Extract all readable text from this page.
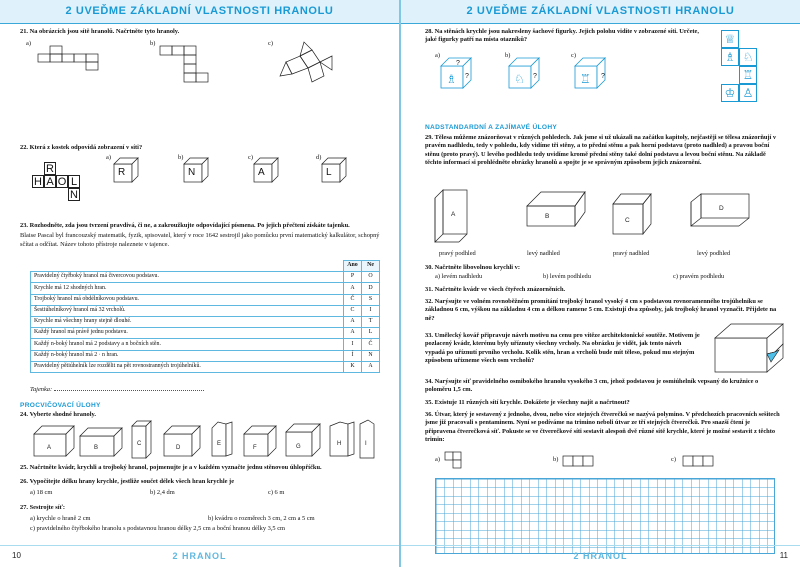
2 UVEĎME ZÁKLADNÍ VLASTNOSTI HRANOLU
21. Na obrázcích jsou sítě hranolů. Načrtněte tyto hranoly.
a)	b)	c)
22. Která z kostek odpovídá zobrazení v síti?
R
H A O L
N
a)	b)	c)	d)
R	N	A	L
23. Rozhodněte, zda jsou tvrzení pravdivá, či ne, a zakroužkujte odpovídající písmena. Po jejich přečtení získáte tajenku.
Blaise Pascal byl francouzský matematik, fyzik, spisovatel, který v roce 1642 sestrojil jako pomůcku první matematický kalkulátor, schopný sčítat a odčítat. Název tohoto přístroje naleznete v tajence.
	Ano	Ne
Pravidelný čtyřboký hranol má čtvercovou podstavu.	P	O
Krychle má 12 shodných hran.	A	D
Trojboký hranol má obdélníkovou podstavu.	Č	S
Šestiúhelníkový hranol má 32 vrcholů.	C	I
Krychle má všechny hrany stejně dlouhé.	A	T
Každý hranol má právě jednu podstavu.	A	L
Každý n-boký hranol má 2 podstavy a n bočních stěn.	I	Č
Každý n-boký hranol má 2 · n hran.	Í	N
Pravidelný pětiúhelník lze rozdělit na pět rovnostranných trojúhelníků.	K	A
Tajenka:
PROCVIČOVACÍ ÚLOHY
24. Vyberte shodné hranoly.
A	B
C
D
E
F	G	H	I
25. Načrtněte kvádr, krychli a trojboký hranol, pojmenujte je a v každém vyznačte jednu stěnovou úhlopříčku.
26. Vypočítejte délku hrany krychle, jestliže součet délek všech hran krychle je
a) 18 cm	b) 2,4 dm	c) 6 m
27. Sestrojte síť:
a) krychle o hraně 2 cm	b) kvádru o rozměrech 3 cm, 2 cm a 5 cm
c) pravidelného čtyřbokého hranolu s podstavnou hranou délky 2,5 cm a boční hranou délky 3,5 cm
10	2 HRANOL
2 UVEĎME ZÁKLADNÍ VLASTNOSTI HRANOLU
28. Na stěnách krychle jsou nakresleny šachové figurky. Jejich polohu vidíte v zobrazené síti. Určete, jaké figurky patří na místa otazníků?
a)	b)	c)
♗	♘	♖
?
?
?	?
♕
♗ ♘
♖
♔ ♙
NADSTANDARDNÍ A ZAJÍMAVÉ ÚLOHY
29. Tělesa můžeme znázorňovat v různých pohledech. Jak jsme si už ukázali na začátku kapitoly, nejčastěji se tělesa znázorňují v pravém nadhledu, tedy v pohledu, kdy vidíme tři stěny, a to přední stěnu a pak horní podstavu (proto nadhled) a pravou boční stěnu (proto pravý). U levého podhledu tedy uvidíme kromě přední stěny také dolní podstavu a levou boční stěnu. Na základě těchto informací si prohlédněte obrázky hranolů a spojte je se správným způsobem jejich znázornění.
A	B
C
D
pravý podhled	levý nadhled	pravý nadhled	levý podhled
30. Načrtněte libovolnou krychli v:
a) levém nadhledu	b) levém podhledu	c) pravém podhledu
31. Načrtněte kvádr ve všech čtyřech znázorněních.
32. Narýsujte ve volném rovnoběžném promítání trojboký hranol vysoký 4 cm s podstavou rovnoramenného trojúhelníku se základnou 6 cm, výškou na základnu 4 cm a délkou ramene 5 cm. Existují dva způsoby, jak trojboký hranol vyznačit. Přijdete na ně?
33. Umělecký kovář připravuje návrh motivu na cenu pro vítěze architektonické soutěže. Motivem je pozlacený kvádr, kterému byly uříznuty všechny vrcholy. Na obrázku je vidět, jak tento návrh vypadá po uříznutí prvního vrcholu. Kolik stěn, hran a vrcholů bude mít těleso, pokud mu stejným způsobem uřízneme všech osm vrcholů?
34. Narýsujte síť pravidelného osmibokého hranolu vysokého 3 cm, jehož podstavou je osmiúhelník vepsaný do kružnice o poloměru 1,5 cm.
35. Existuje 11 různých sítí krychle. Dokážete je všechny najít a načrtnout?
36. Útvar, který je sestavený z jednoho, dvou, nebo více stejných čtverečků se nazývá polymino. V předchozích pracovních sešitech jsme již pracovali s pentaminem. Nyní se podíváme na trimino neboli útvar ze tří stejných čtverečků. Pro snazší čtení je připravena čtverečková síť. Pokuste se ve čtverečkové síti sestavit alespoň dvě různé sítě krychle, které je možné sestavit z těchto trimin:
a)	b)	c)
2 HRANOL	11
